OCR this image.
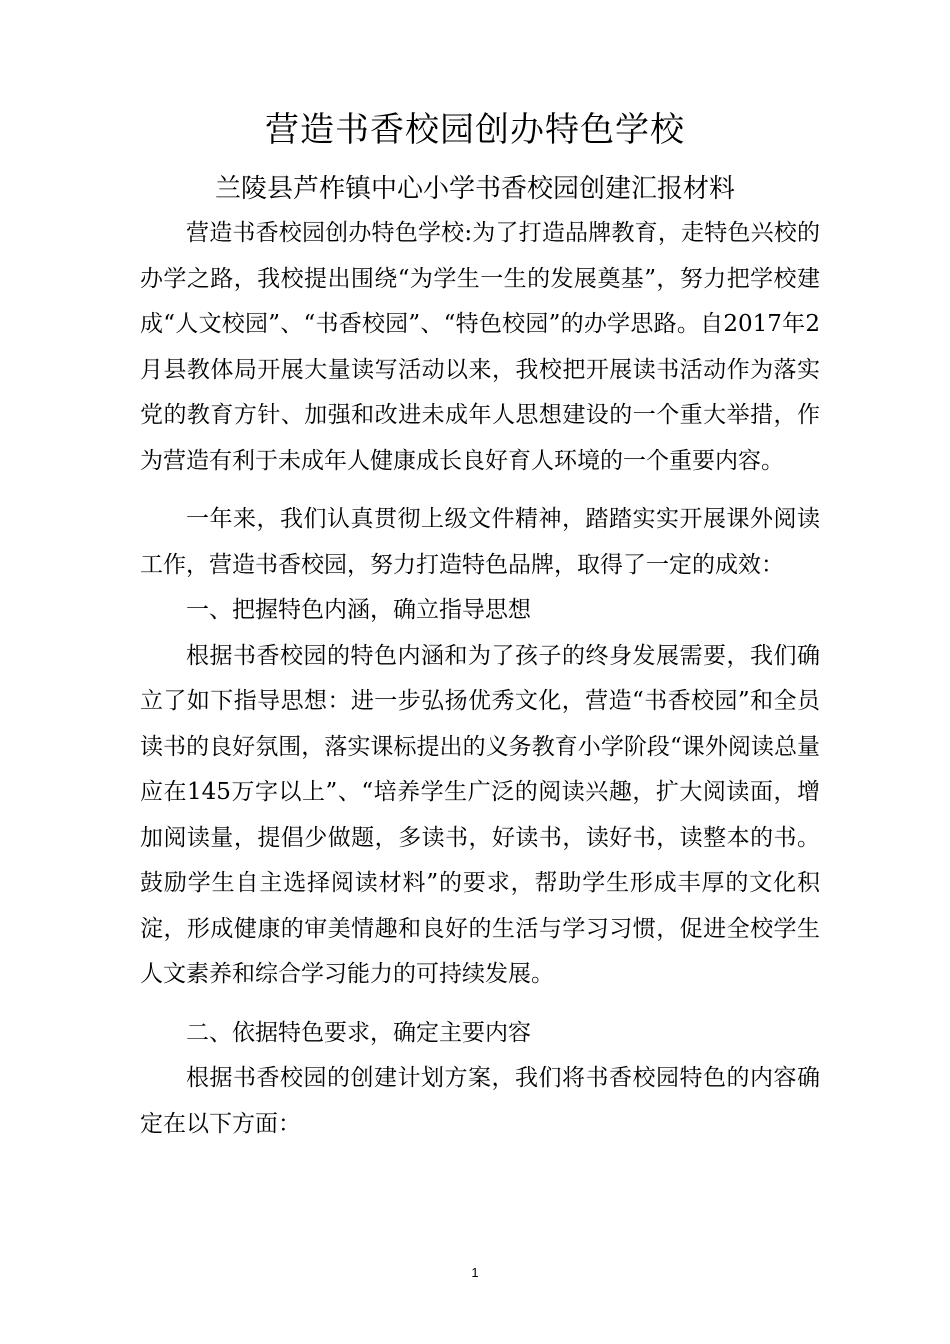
营造书香校园创办特色学校
兰陵县芦柞镇中心小学书香校园创建汇报材料

营造书香校园创办特色学校:为了打造品牌教育，走特色兴校的办学之路，我校提出围绕“为学生一生的发展奠基”，努力把学校建成“人文校园”、“书香校园”、“特色校园”的办学思路。自2017年2月县教体局开展大量读写活动以来，我校把开展读书活动作为落实党的教育方针、加强和改进未成年人思想建设的一个重大举措，作为营造有利于未成年人健康成长良好育人环境的一个重要内容。

一年来，我们认真贯彻上级文件精神，踏踏实实开展课外阅读工作，营造书香校园，努力打造特色品牌，取得了一定的成效：

一、把握特色内涵，确立指导思想

根据书香校园的特色内涵和为了孩子的终身发展需要，我们确立了如下指导思想：进一步弘扬优秀文化，营造“书香校园”和全员读书的良好氛围，落实课标提出的义务教育小学阶段“课外阅读总量应在145万字以上”、“培养学生广泛的阅读兴趣，扩大阅读面，增加阅读量，提倡少做题，多读书，好读书，读好书，读整本的书。鼓励学生自主选择阅读材料”的要求，帮助学生形成丰厚的文化积淀，形成健康的审美情趣和良好的生活与学习习惯，促进全校学生人文素养和综合学习能力的可持续发展。

二、依据特色要求，确定主要内容

根据书香校园的创建计划方案，我们将书香校园特色的内容确定在以下方面：

1
